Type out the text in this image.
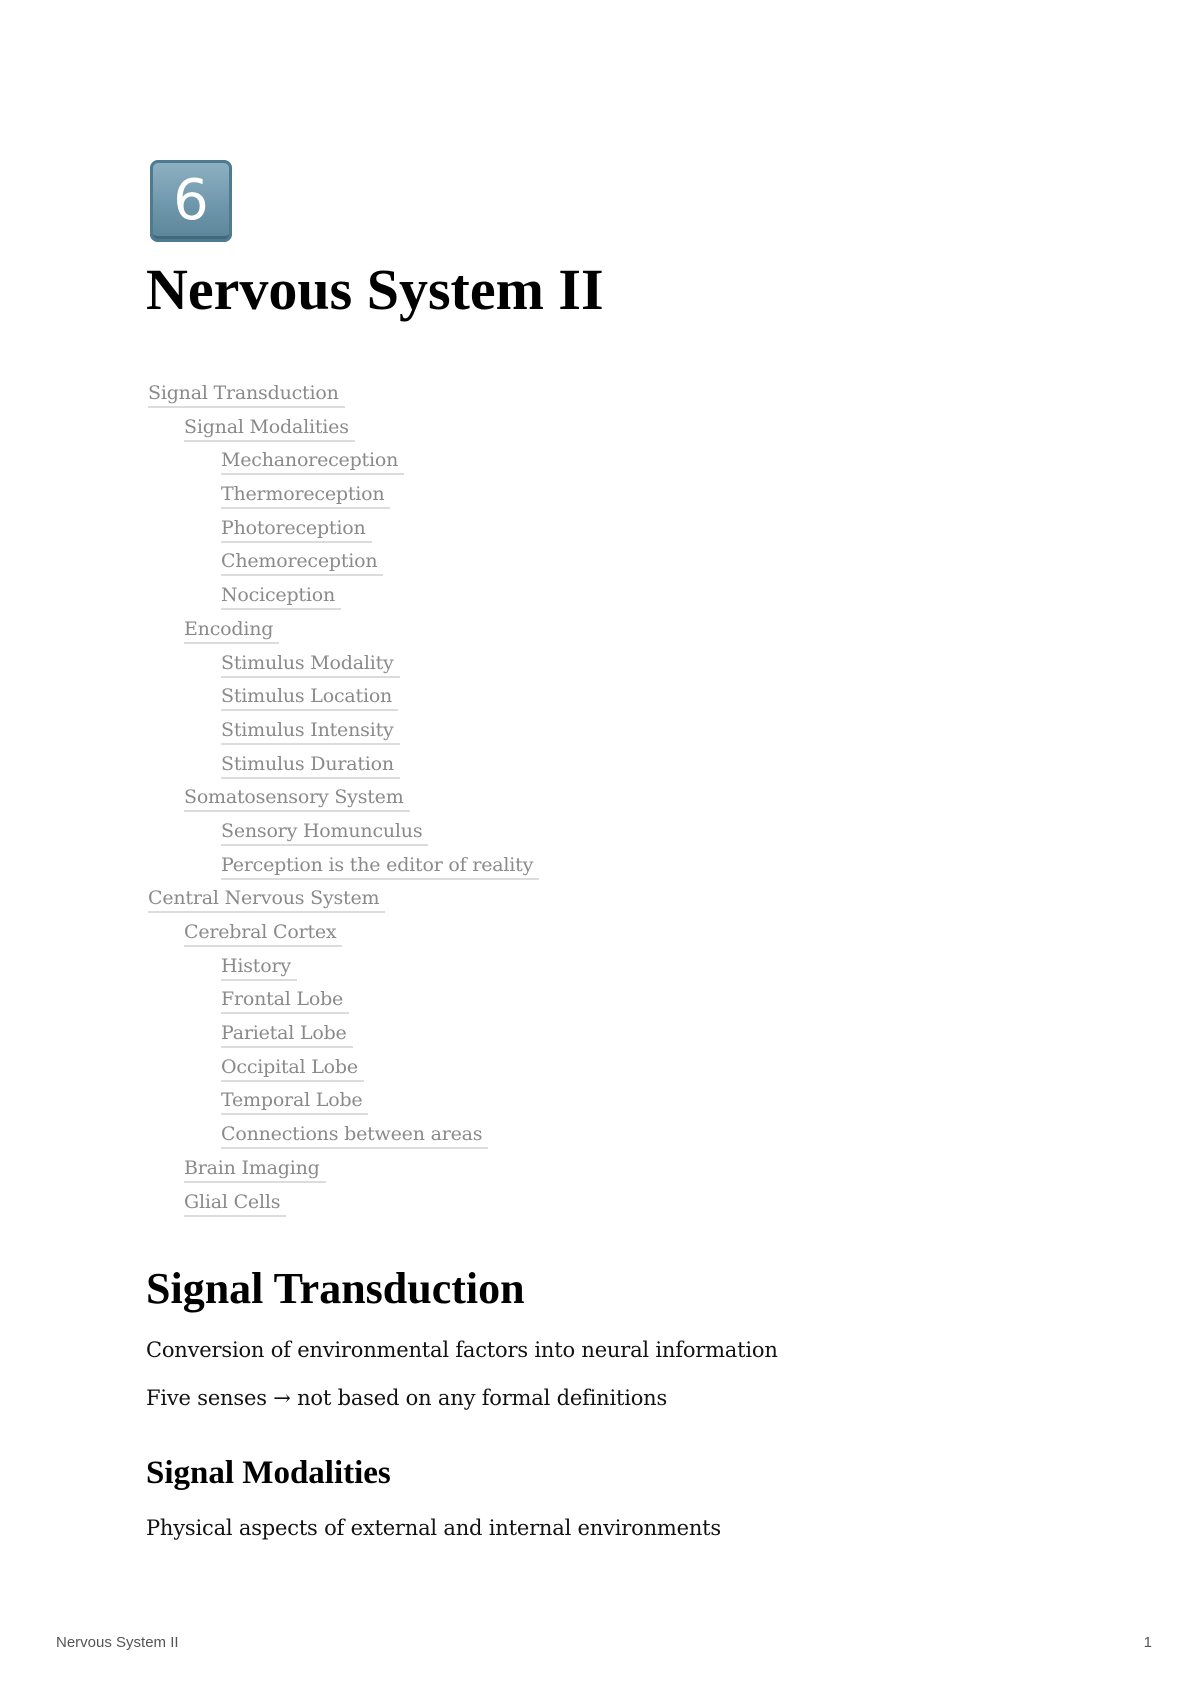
6
Nervous System II
Signal Transduction
Signal Modalities
Mechanoreception
Thermoreception
Photoreception
Chemoreception
Nociception
Encoding
Stimulus Modality
Stimulus Location
Stimulus Intensity
Stimulus Duration
Somatosensory System
Sensory Homunculus
Perception is the editor of reality
Central Nervous System
Cerebral Cortex
History
Frontal Lobe
Parietal Lobe
Occipital Lobe
Temporal Lobe
Connections between areas
Brain Imaging
Glial Cells
Signal Transduction

Conversion of environmental factors into neural information

Five senses → not based on any formal definitions

Signal Modalities

Physical aspects of external and internal environments

Nervous System II	1
